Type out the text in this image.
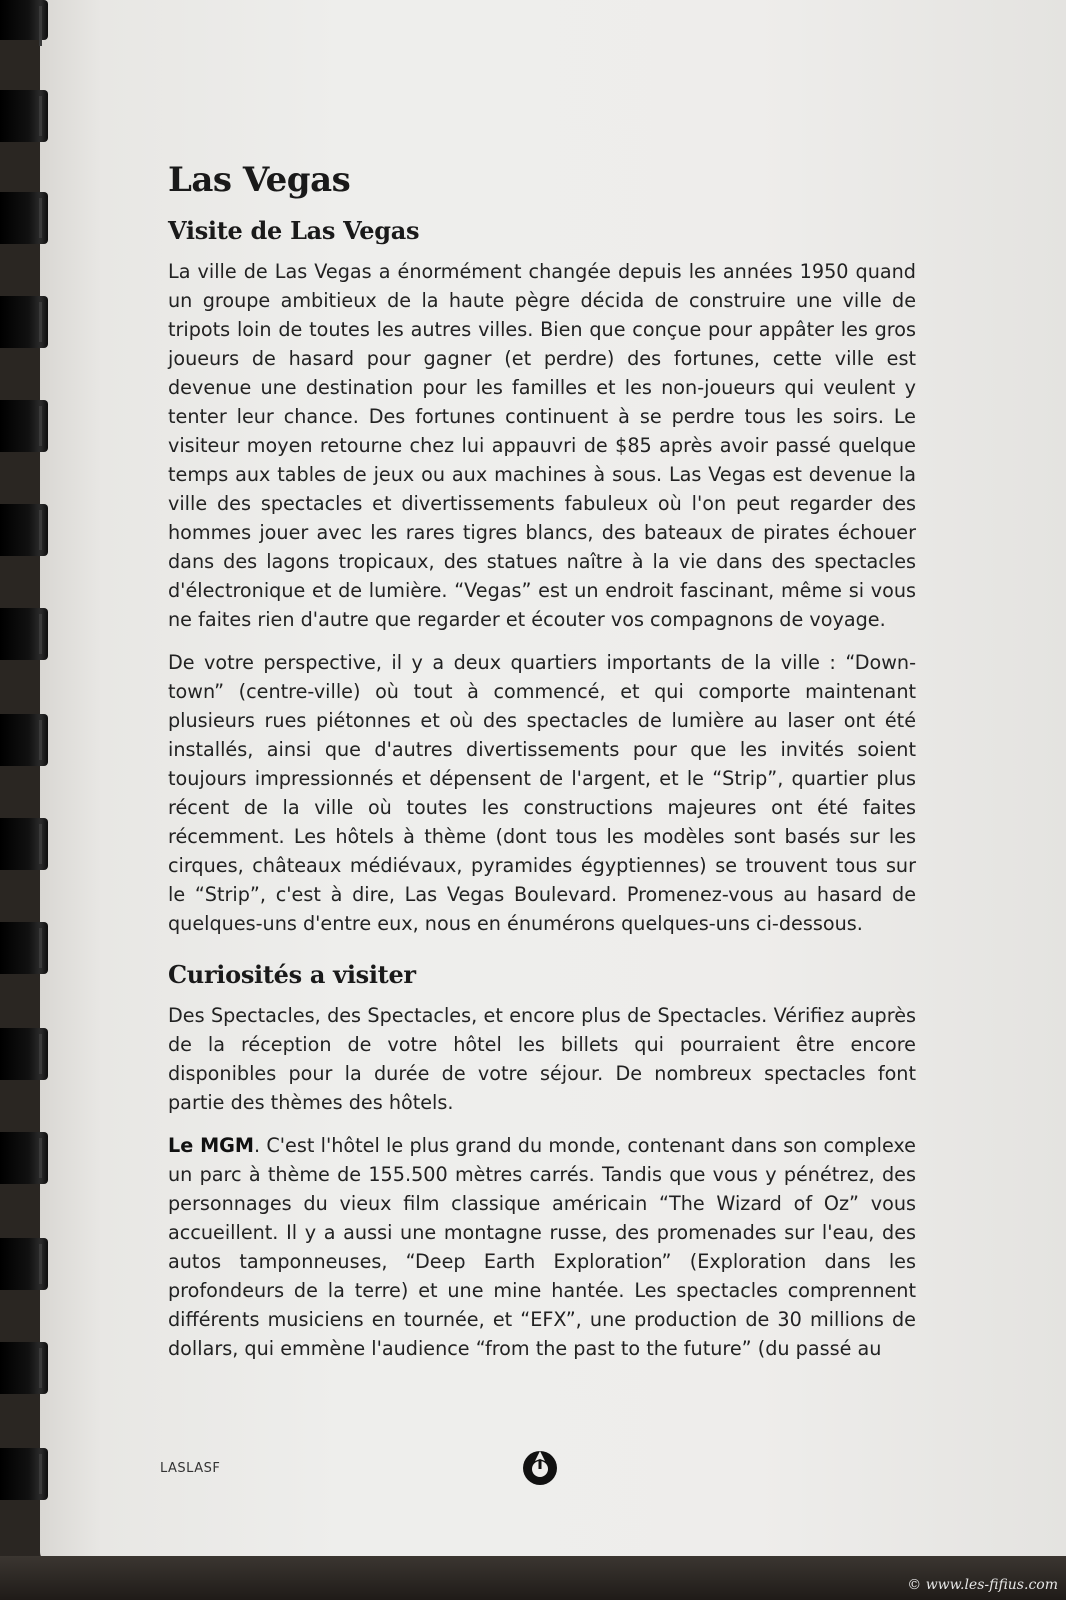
Las Vegas
Visite de Las Vegas

La ville de Las Vegas a énormément changée depuis les années 1950 quand un groupe ambitieux de la haute pègre décida de construire une ville de tripots loin de toutes les autres villes. Bien que conçue pour appâter les gros joueurs de hasard pour gagner (et perdre) des fortunes, cette ville est devenue une destination pour les familles et les non-joueurs qui veulent y tenter leur chance. Des fortunes continuent à se perdre tous les soirs. Le visiteur moyen retourne chez lui appauvri de $85 après avoir passé quelque temps aux tables de jeux ou aux machines à sous. Las Vegas est devenue la ville des spectacles et divertissements fabuleux où l'on peut regarder des hommes jouer avec les rares tigres blancs, des bateaux de pirates échouer dans des lagons tropicaux, des statues naître à la vie dans des spectacles d'électronique et de lumière. “Vegas” est un endroit fascinant, même si vous ne faites rien d'autre que regarder et écouter vos compagnons de voyage.

De votre perspective, il y a deux quartiers importants de la ville : “Down-town” (centre-ville) où tout à commencé, et qui comporte maintenant plusieurs rues piétonnes et où des spectacles de lumière au laser ont été installés, ainsi que d'autres divertissements pour que les invités soient toujours impressionnés et dépensent de l'argent, et le “Strip”, quartier plus récent de la ville où toutes les constructions majeures ont été faites récemment. Les hôtels à thème (dont tous les modèles sont basés sur les cirques, châteaux médiévaux, pyramides égyptiennes) se trouvent tous sur le “Strip”, c'est à dire, Las Vegas Boulevard. Promenez-vous au hasard de quelques-uns d'entre eux, nous en énumérons quelques-uns ci-dessous.

Curiosités a visiter

Des Spectacles, des Spectacles, et encore plus de Spectacles. Vérifiez auprès de la réception de votre hôtel les billets qui pourraient être encore disponibles pour la durée de votre séjour. De nombreux spectacles font partie des thèmes des hôtels.

Le MGM. C'est l'hôtel le plus grand du monde, contenant dans son complexe un parc à thème de 155.500 mètres carrés. Tandis que vous y pénétrez, des personnages du vieux film classique américain “The Wizard of Oz” vous accueillent. Il y a aussi une montagne russe, des promenades sur l'eau, des autos tamponneuses, “Deep Earth Exploration” (Exploration dans les profondeurs de la terre) et une mine hantée. Les spectacles comprennent différents musiciens en tournée, et “EFX”, une production de 30 millions de dollars, qui emmène l'audience “from the past to the future” (du passé au

LASLASF
© www.les-fifius.com
